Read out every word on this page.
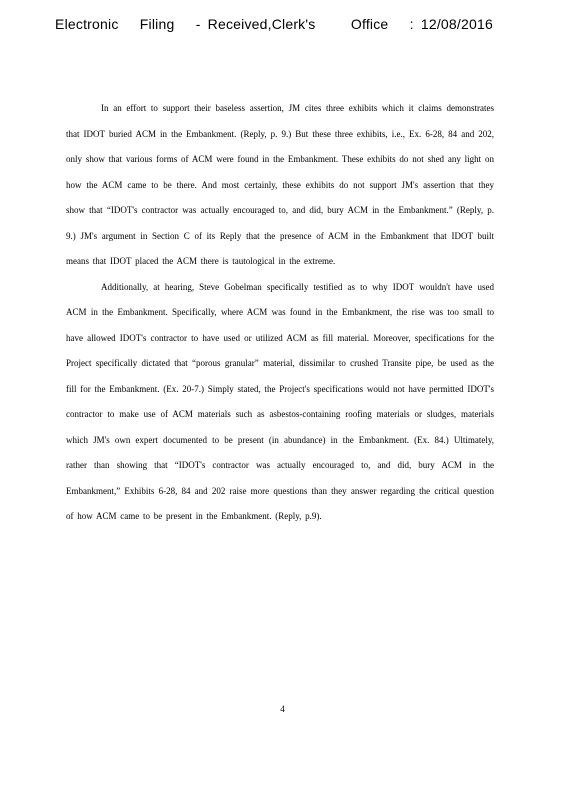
Electronic   Filing   - Received,Clerk's     Office   : 12/08/2016

In an effort to support their baseless assertion, JM cites three exhibits which it claims demonstrates that IDOT buried ACM in the Embankment. (Reply, p. 9.) But these three exhibits, i.e., Ex. 6-28, 84 and 202, only show that various forms of ACM were found in the Embankment. These exhibits do not shed any light on how the ACM came to be there. And most certainly, these exhibits do not support JM's assertion that they show that “IDOT's contractor was actually encouraged to, and did, bury ACM in the Embankment.” (Reply, p. 9.) JM's argument in Section C of its Reply that the presence of ACM in the Embankment that IDOT built means that IDOT placed the ACM there is tautological in the extreme.

Additionally, at hearing, Steve Gobelman specifically testified as to why IDOT wouldn't have used ACM in the Embankment. Specifically, where ACM was found in the Embankment, the rise was too small to have allowed IDOT's contractor to have used or utilized ACM as fill material. Moreover, specifications for the Project specifically dictated that “porous granular” material, dissimilar to crushed Transite pipe, be used as the fill for the Embankment. (Ex. 20-7.) Simply stated, the Project's specifications would not have permitted IDOT's contractor to make use of ACM materials such as asbestos-containing roofing materials or sludges, materials which JM's own expert documented to be present (in abundance) in the Embankment. (Ex. 84.) Ultimately, rather than showing that “IDOT's contractor was actually encouraged to, and did, bury ACM in the Embankment,” Exhibits 6-28, 84 and 202 raise more questions than they answer regarding the critical question of how ACM came to be present in the Embankment. (Reply, p.9).

4
